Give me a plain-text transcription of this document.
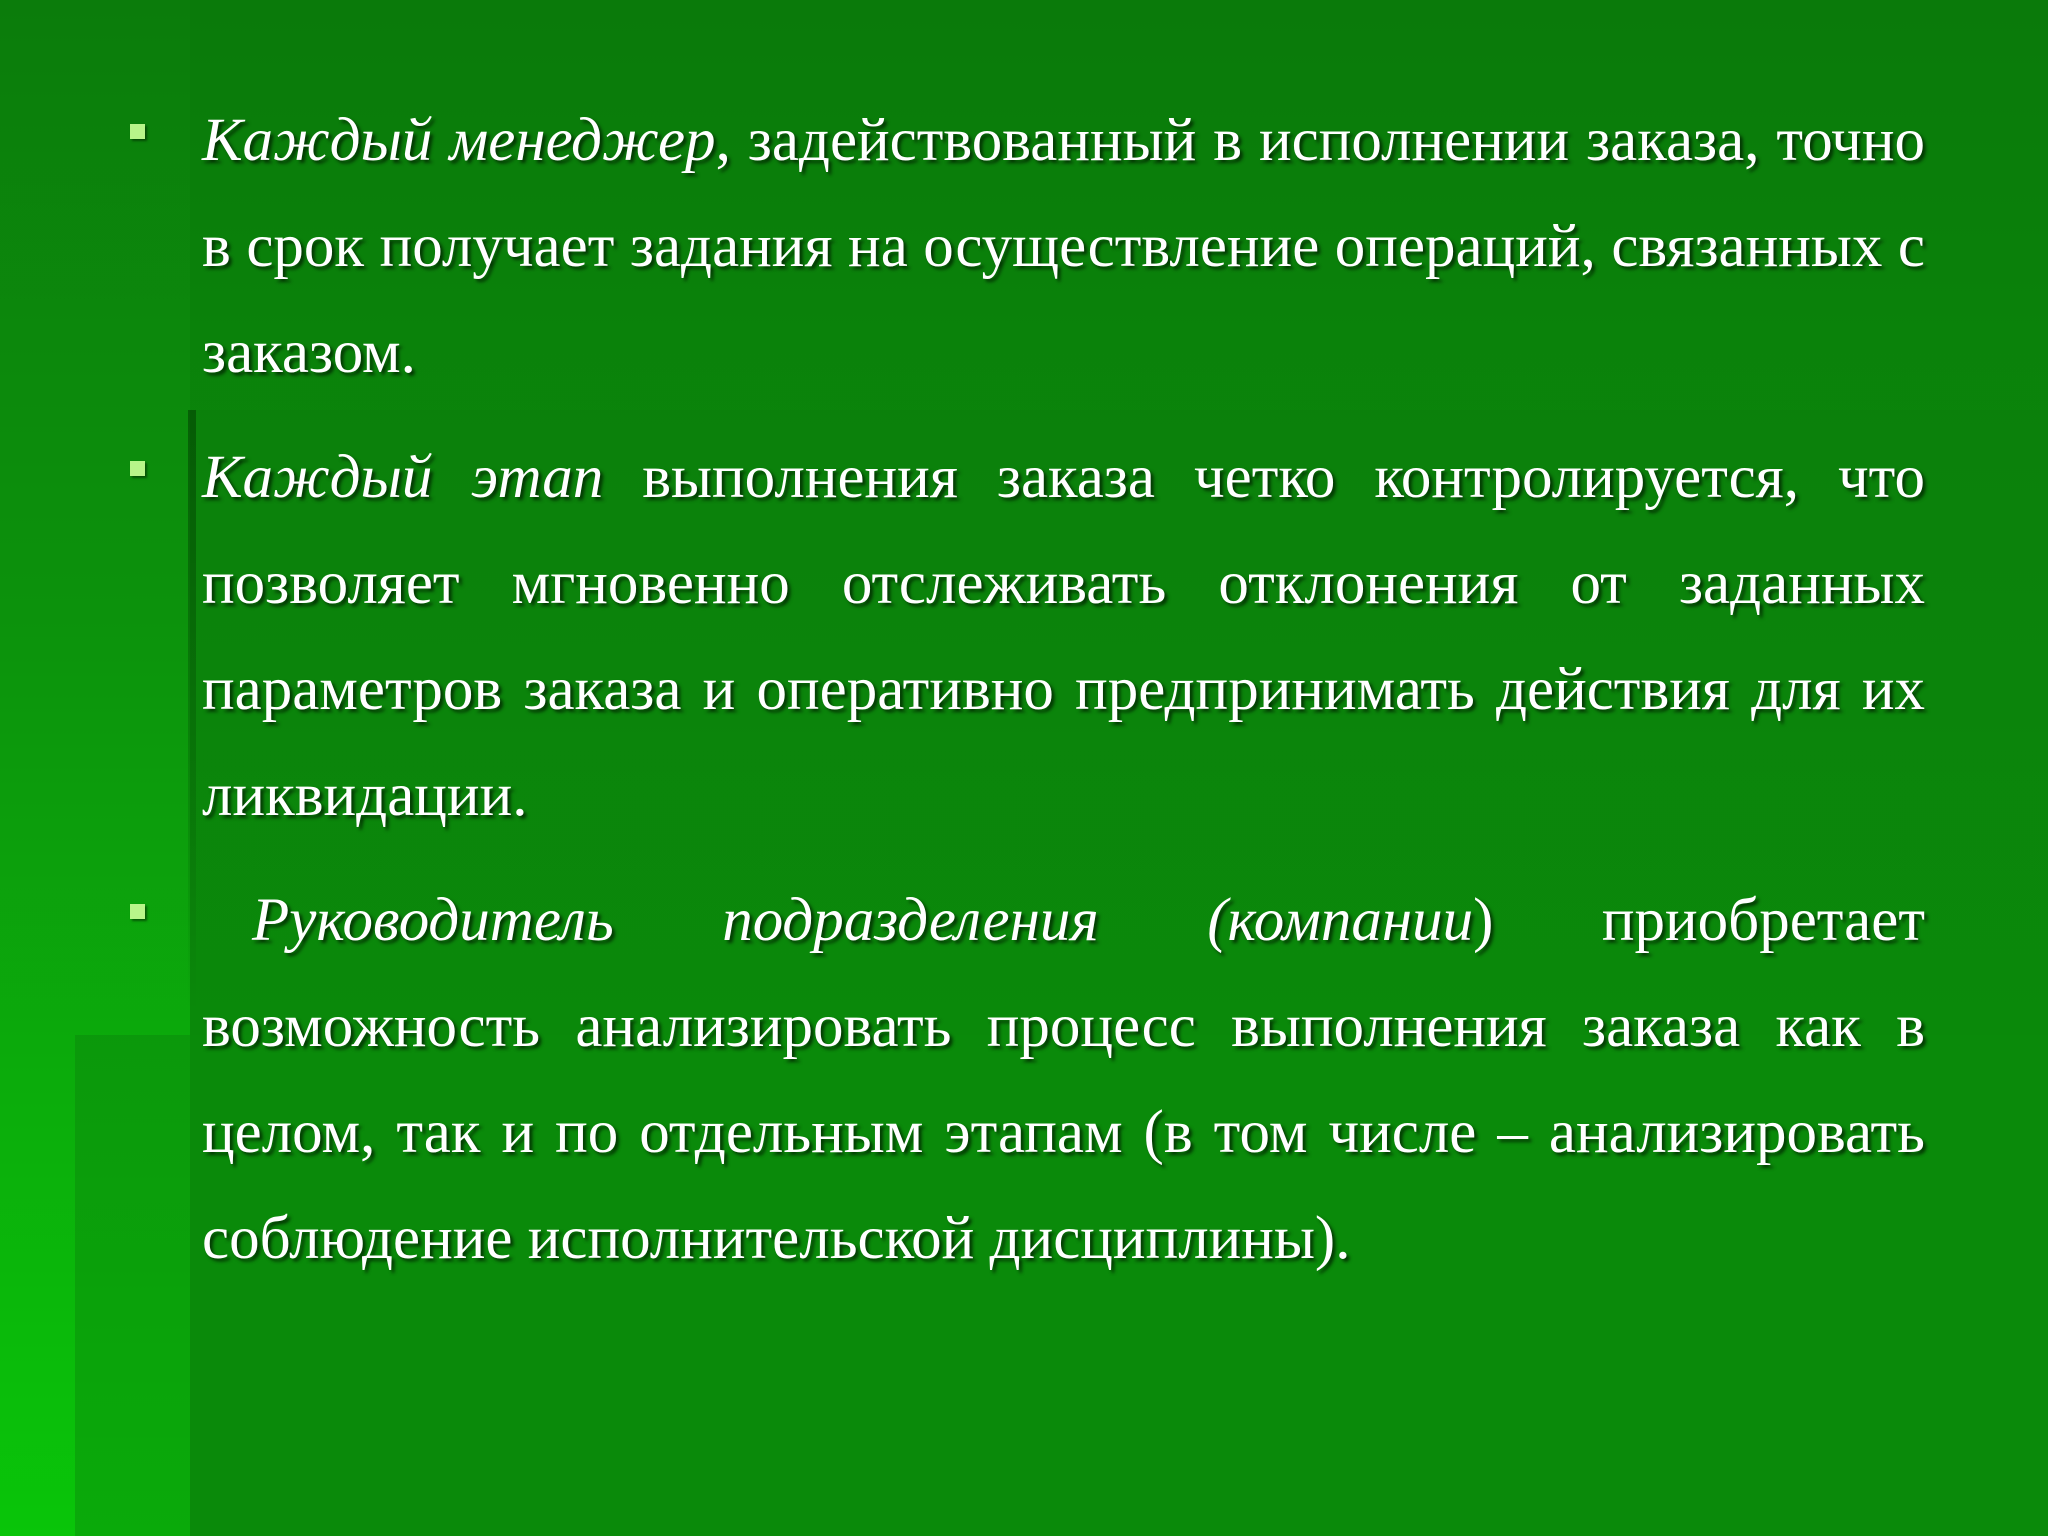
Каждый менеджер, задействованный в исполнении заказа, точно в срок получает задания на осуществление операций, связанных с заказом.
Каждый этап выполнения заказа четко контролируется, что позволяет мгновенно отслеживать отклонения от заданных параметров заказа и оперативно предпринимать действия для их ликвидации.
Руководитель подразделения (компании) приобретает возможность анализировать процесс выполнения заказа как в целом, так и по отдельным этапам (в том числе – анализировать соблюдение исполнительской дисциплины).
